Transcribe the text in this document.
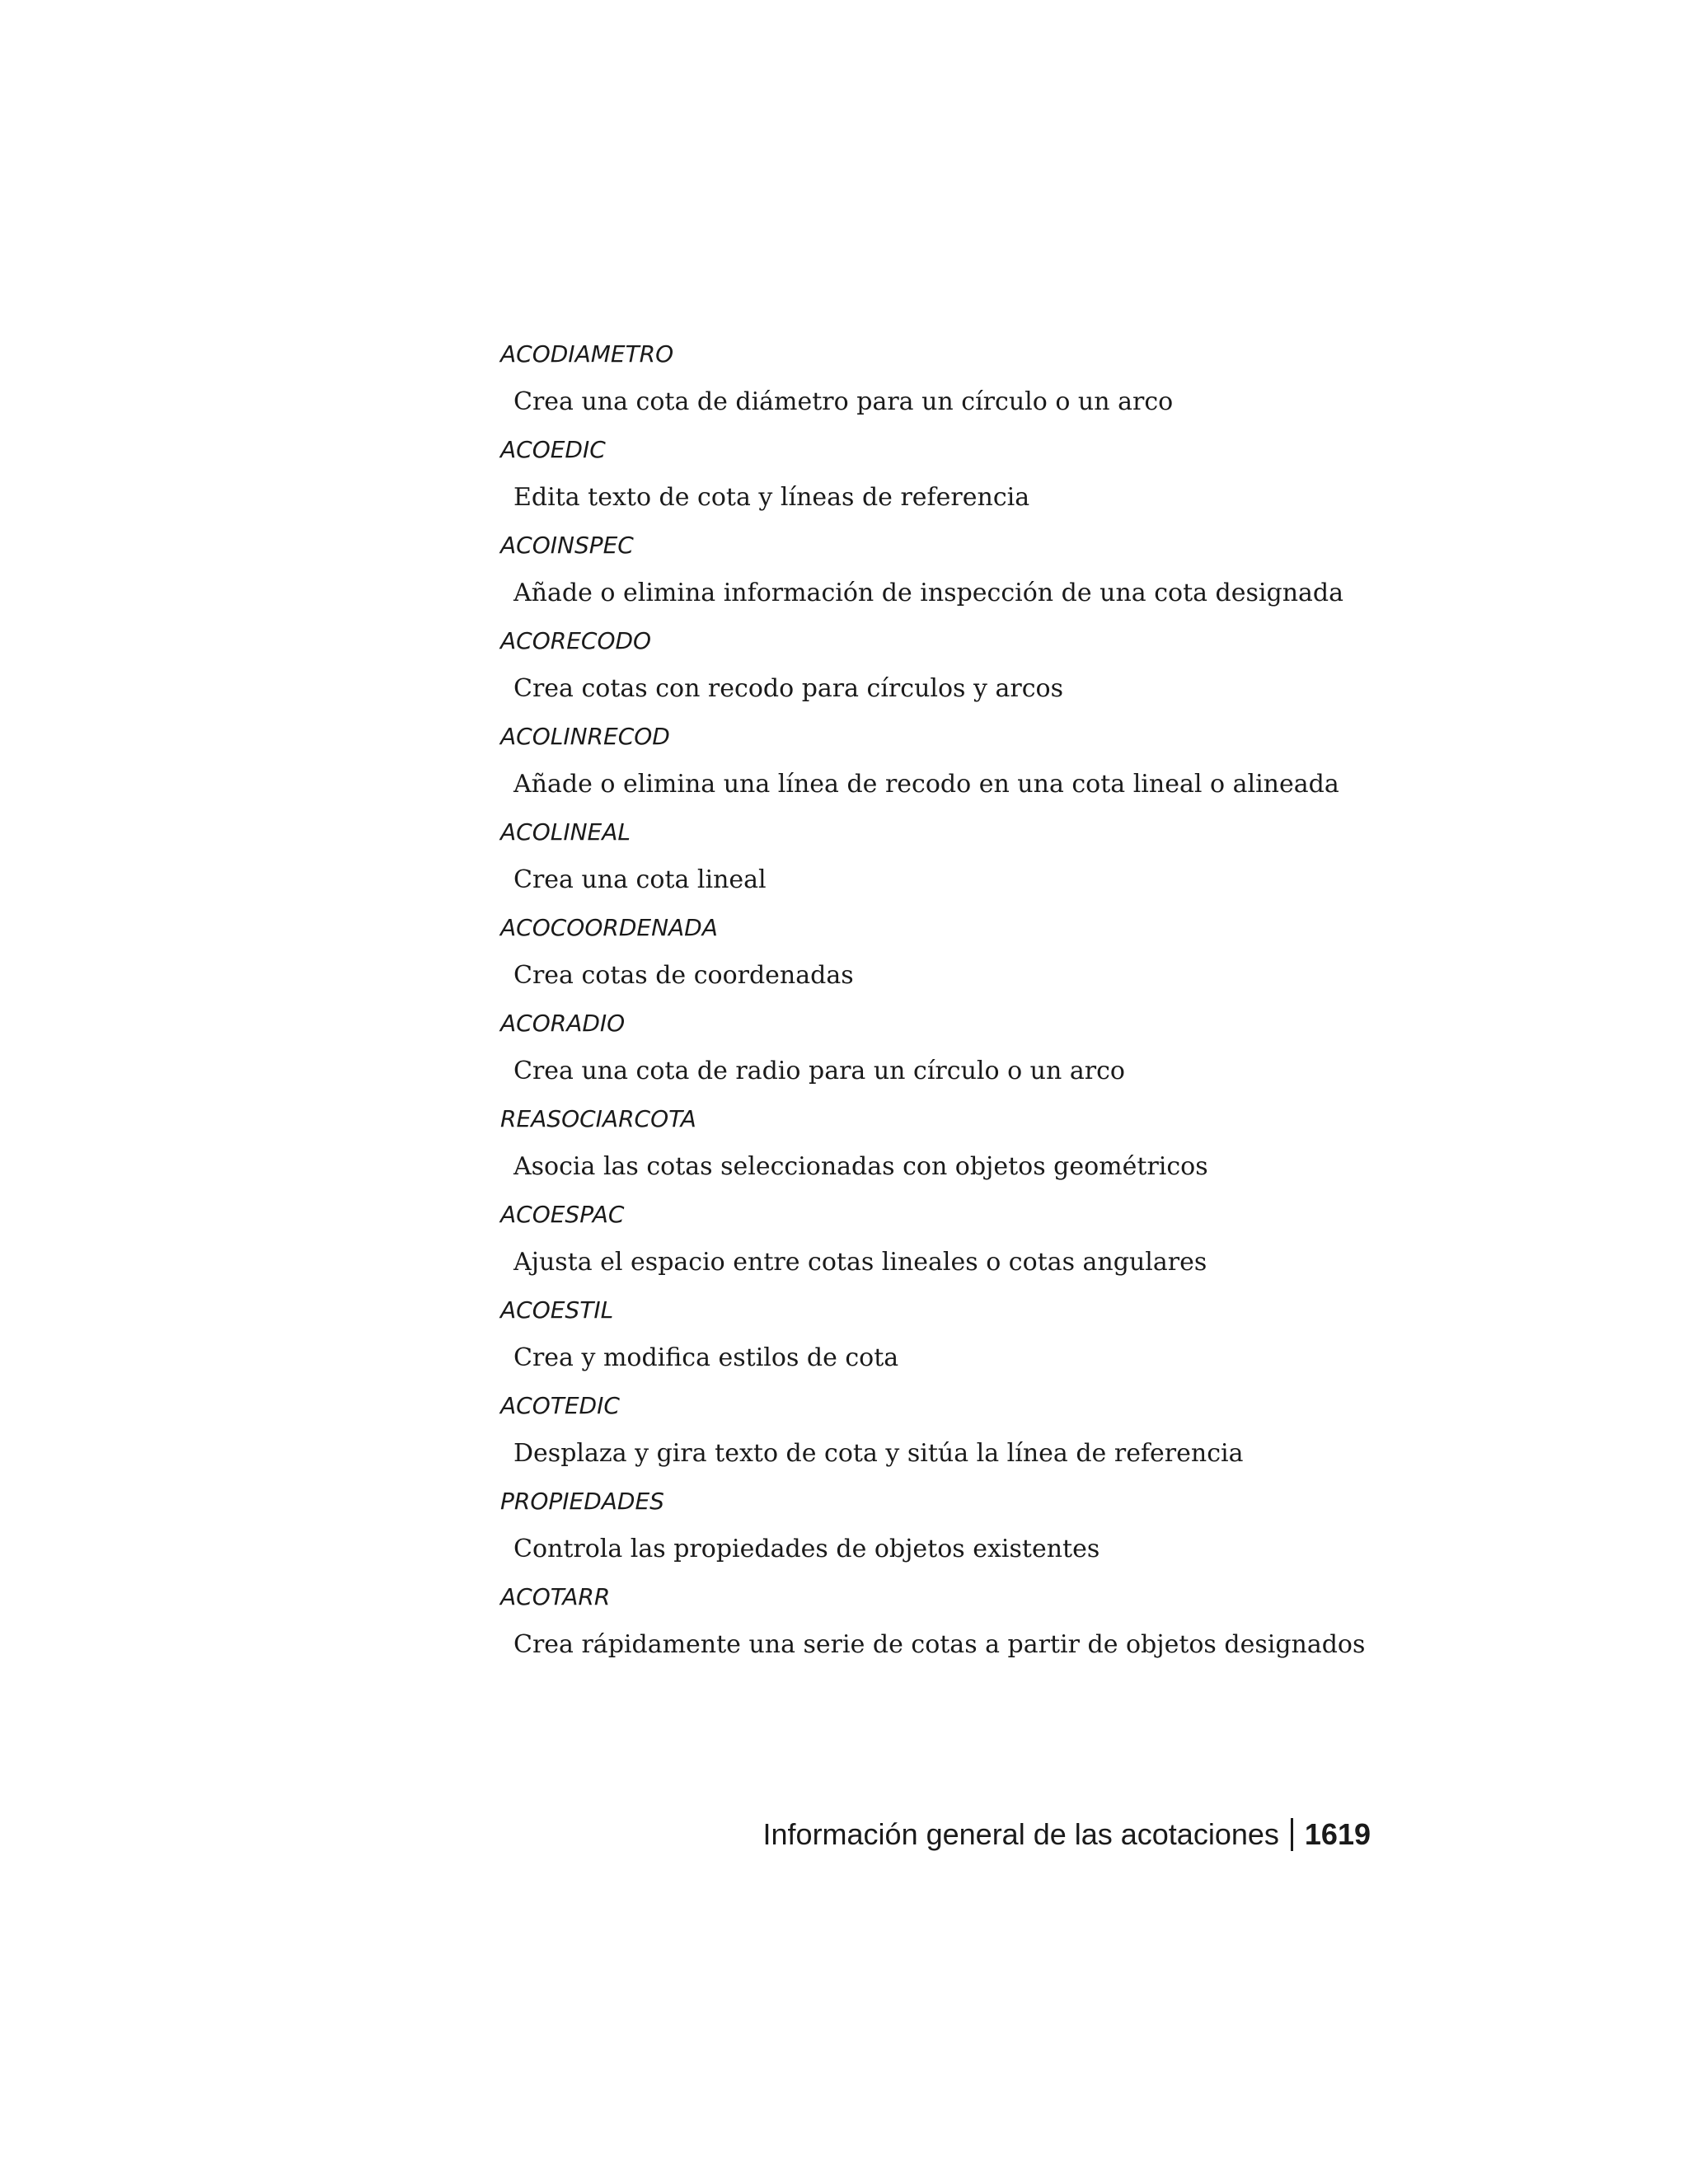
ACODIAMETRO
Crea una cota de diámetro para un círculo o un arco
ACOEDIC
Edita texto de cota y líneas de referencia
ACOINSPEC
Añade o elimina información de inspección de una cota designada
ACORECODO
Crea cotas con recodo para círculos y arcos
ACOLINRECOD
Añade o elimina una línea de recodo en una cota lineal o alineada
ACOLINEAL
Crea una cota lineal
ACOCOORDENADA
Crea cotas de coordenadas
ACORADIO
Crea una cota de radio para un círculo o un arco
REASOCIARCOTA
Asocia las cotas seleccionadas con objetos geométricos
ACOESPAC
Ajusta el espacio entre cotas lineales o cotas angulares
ACOESTIL
Crea y modifica estilos de cota
ACOTEDIC
Desplaza y gira texto de cota y sitúa la línea de referencia
PROPIEDADES
Controla las propiedades de objetos existentes
ACOTARR
Crea rápidamente una serie de cotas a partir de objetos designados
Información general de las acotaciones 1619
